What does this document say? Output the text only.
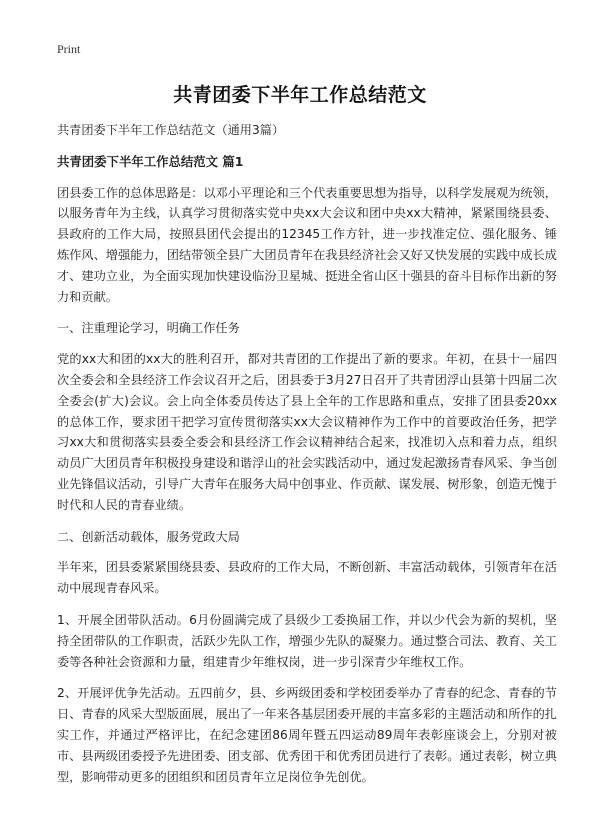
Print
共青团委下半年工作总结范文

共青团委下半年工作总结范文（通用3篇）

共青团委下半年工作总结范文 篇1

团县委工作的总体思路是：以邓小平理论和三个代表重要思想为指导，以科学发展观为统领，以服务青年为主线，认真学习贯彻落实党中央xx大会议和团中央xx大精神，紧紧围绕县委、县政府的工作大局，按照县团代会提出的12345工作方针，进一步找准定位、强化服务、锤炼作风、增强能力，团结带领全县广大团员青年在我县经济社会又好又快发展的实践中成长成才、建功立业，为全面实现加快建设临汾卫星城、挺进全省山区十强县的奋斗目标作出新的努力和贡献。

一、注重理论学习，明确工作任务

党的xx大和团的xx大的胜利召开，都对共青团的工作提出了新的要求。年初，在县十一届四次全委会和全县经济工作会议召开之后，团县委于3月27日召开了共青团浮山县第十四届二次全委会(扩大)会议。会上向全体委员传达了县上全年的工作思路和重点，安排了团县委20xx的总体工作，要求团干把学习宣传贯彻落实xx大会议精神作为工作中的首要政治任务，把学习xx大和贯彻落实县委全委会和县经济工作会议精神结合起来，找准切入点和着力点，组织动员广大团员青年积极投身建设和谐浮山的社会实践活动中，通过发起激扬青春风采、争当创业先锋倡议活动，引导广大青年在服务大局中创事业、作贡献、谋发展、树形象，创造无愧于时代和人民的青春业绩。

二、创新活动载体，服务党政大局

半年来，团县委紧紧围绕县委、县政府的工作大局，不断创新、丰富活动载体，引领青年在活动中展现青春风采。

1、开展全团带队活动。6月份圆满完成了县级少工委换届工作，并以少代会为新的契机，坚持全团带队的工作职责，活跃少先队工作，增强少先队的凝聚力。通过整合司法、教育、关工委等各种社会资源和力量，组建青少年维权岗，进一步引深青少年维权工作。

2、开展评优争先活动。五四前夕，县、乡两级团委和学校团委举办了青春的纪念、青春的节日、青春的风采大型版面展，展出了一年来各基层团委开展的丰富多彩的主题活动和所作的扎实工作，并通过严格评比，在纪念建团86周年暨五四运动89周年表彰座谈会上，分别对被市、县两级团委授予先进团委、团支部、优秀团干和优秀团员进行了表彰。通过表彰，树立典型，影响带动更多的团组织和团员青年立足岗位争先创优。
